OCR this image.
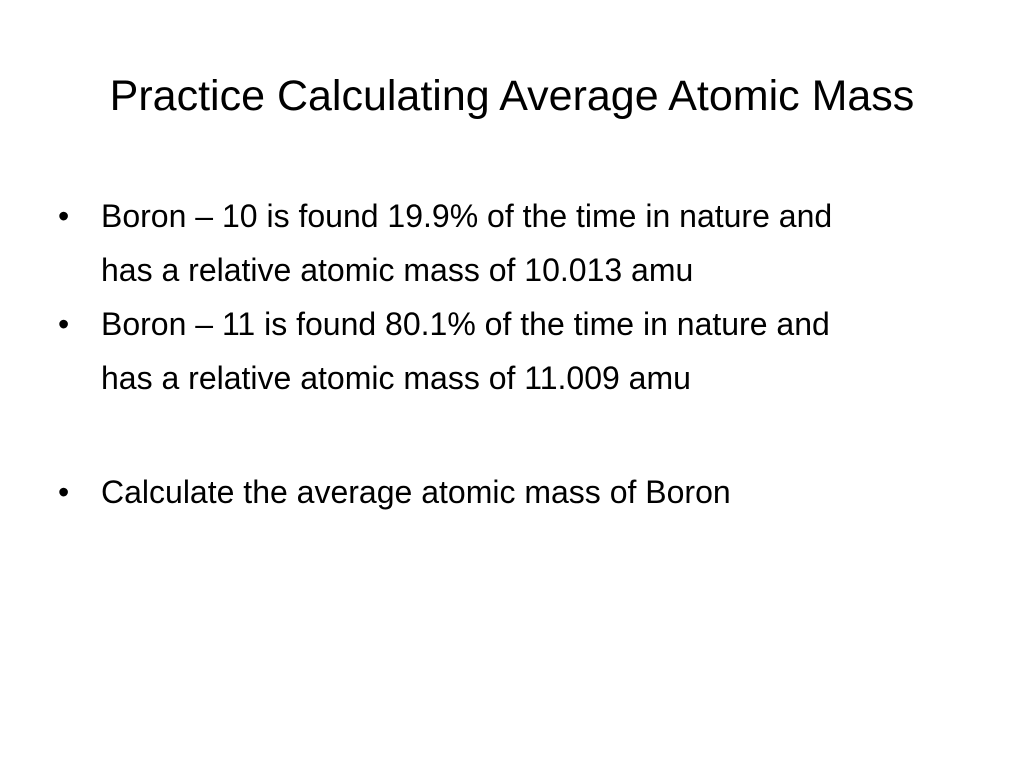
Practice Calculating Average Atomic Mass
• Boron – 10 is found 19.9% of the time in nature and has a relative atomic mass of 10.013 amu
• Boron – 11 is found 80.1% of the time in nature and has a relative atomic mass of 11.009 amu
• Calculate the average atomic mass of Boron
